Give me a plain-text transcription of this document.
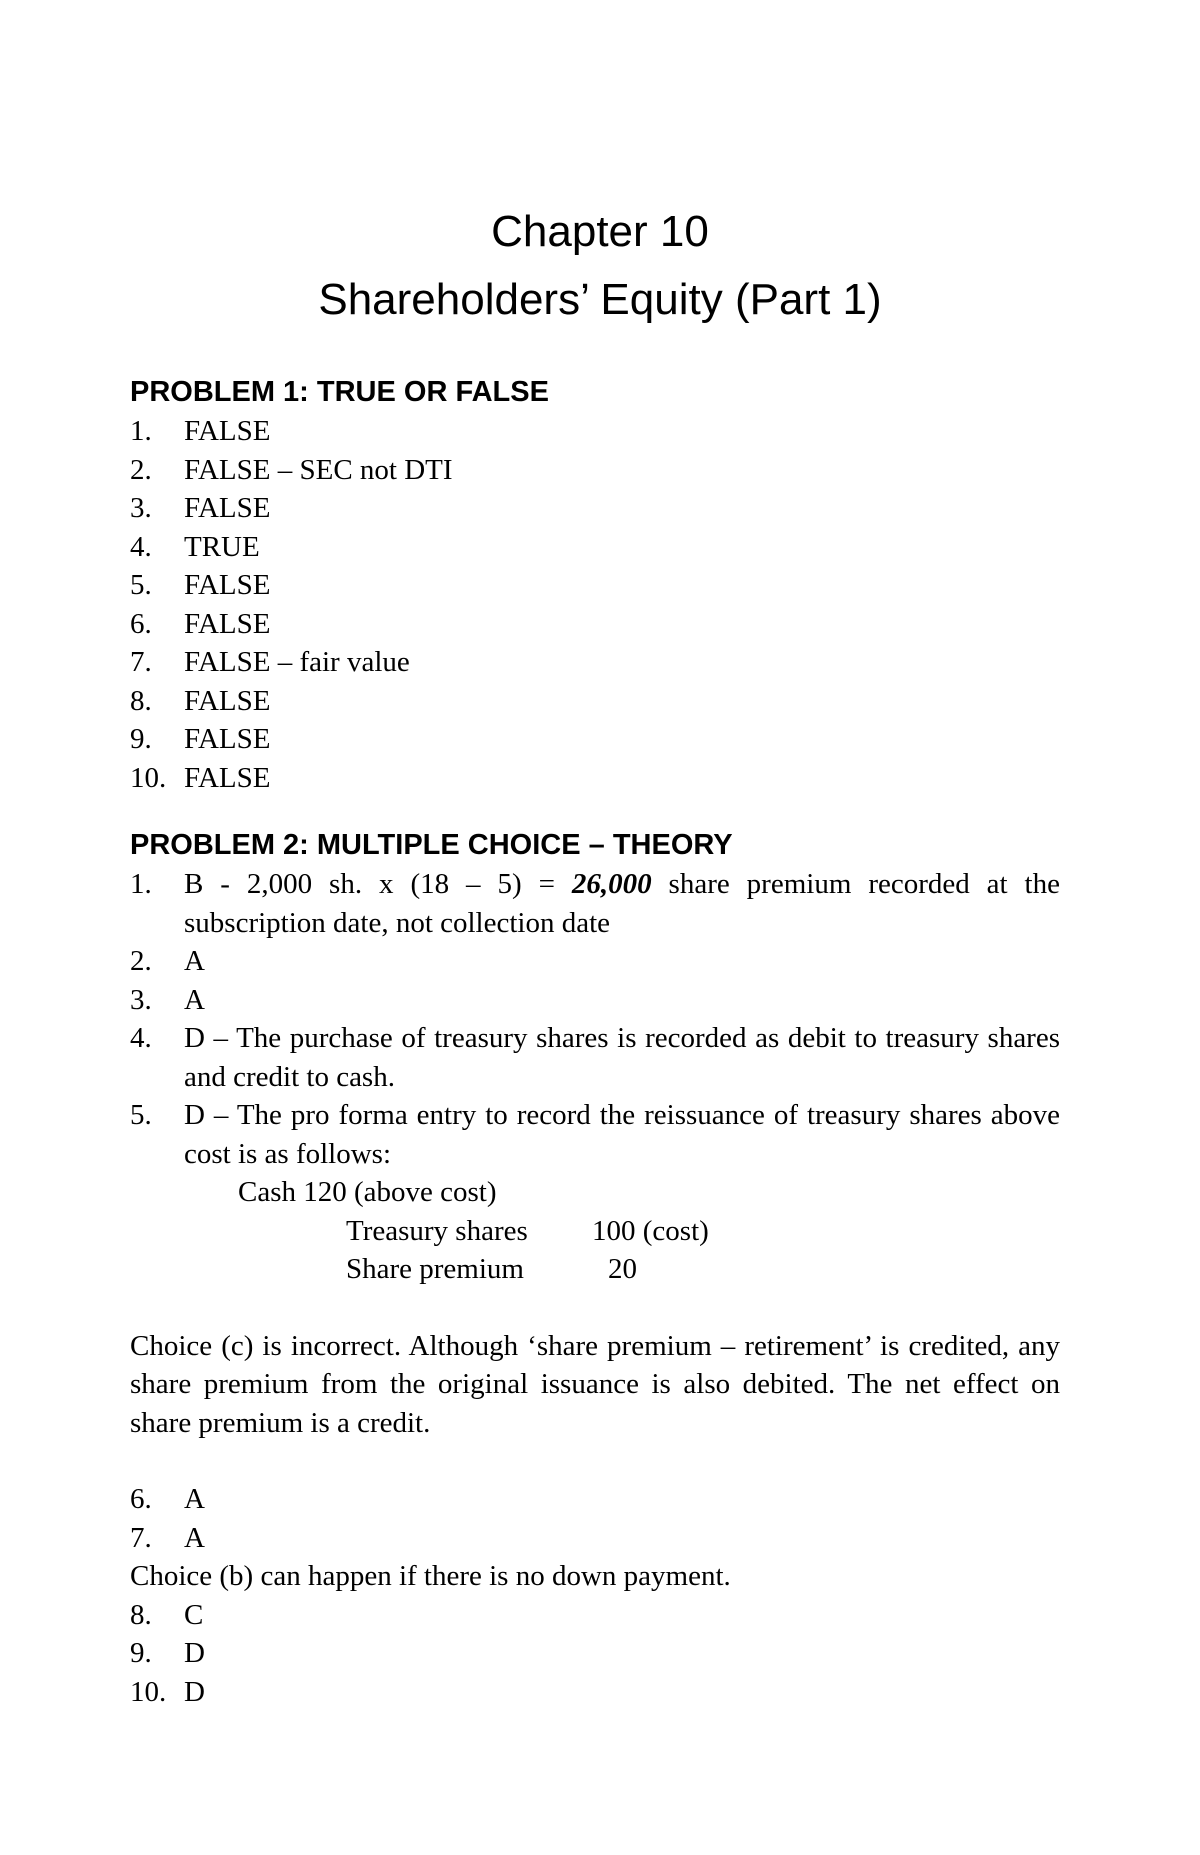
Chapter 10
Shareholders’ Equity (Part 1)
PROBLEM 1: TRUE OR FALSE
1. FALSE
2. FALSE – SEC not DTI
3. FALSE
4. TRUE
5. FALSE
6. FALSE
7. FALSE – fair value
8. FALSE
9. FALSE
10. FALSE
PROBLEM 2: MULTIPLE CHOICE – THEORY
1. B - 2,000 sh. x (18 – 5) = 26,000 share premium recorded at the subscription date, not collection date
2. A
3. A
4. D – The purchase of treasury shares is recorded as debit to treasury shares and credit to cash.
5. D – The pro forma entry to record the reissuance of treasury shares above cost is as follows:
Cash 120 (above cost)
Treasury shares 100 (cost)
Share premium	20
Choice (c) is incorrect. Although ‘share premium – retirement’ is credited, any share premium from the original issuance is also debited. The net effect on share premium is a credit.
6. A
7. A
Choice (b) can happen if there is no down payment.
8. C
9. D
10. D
